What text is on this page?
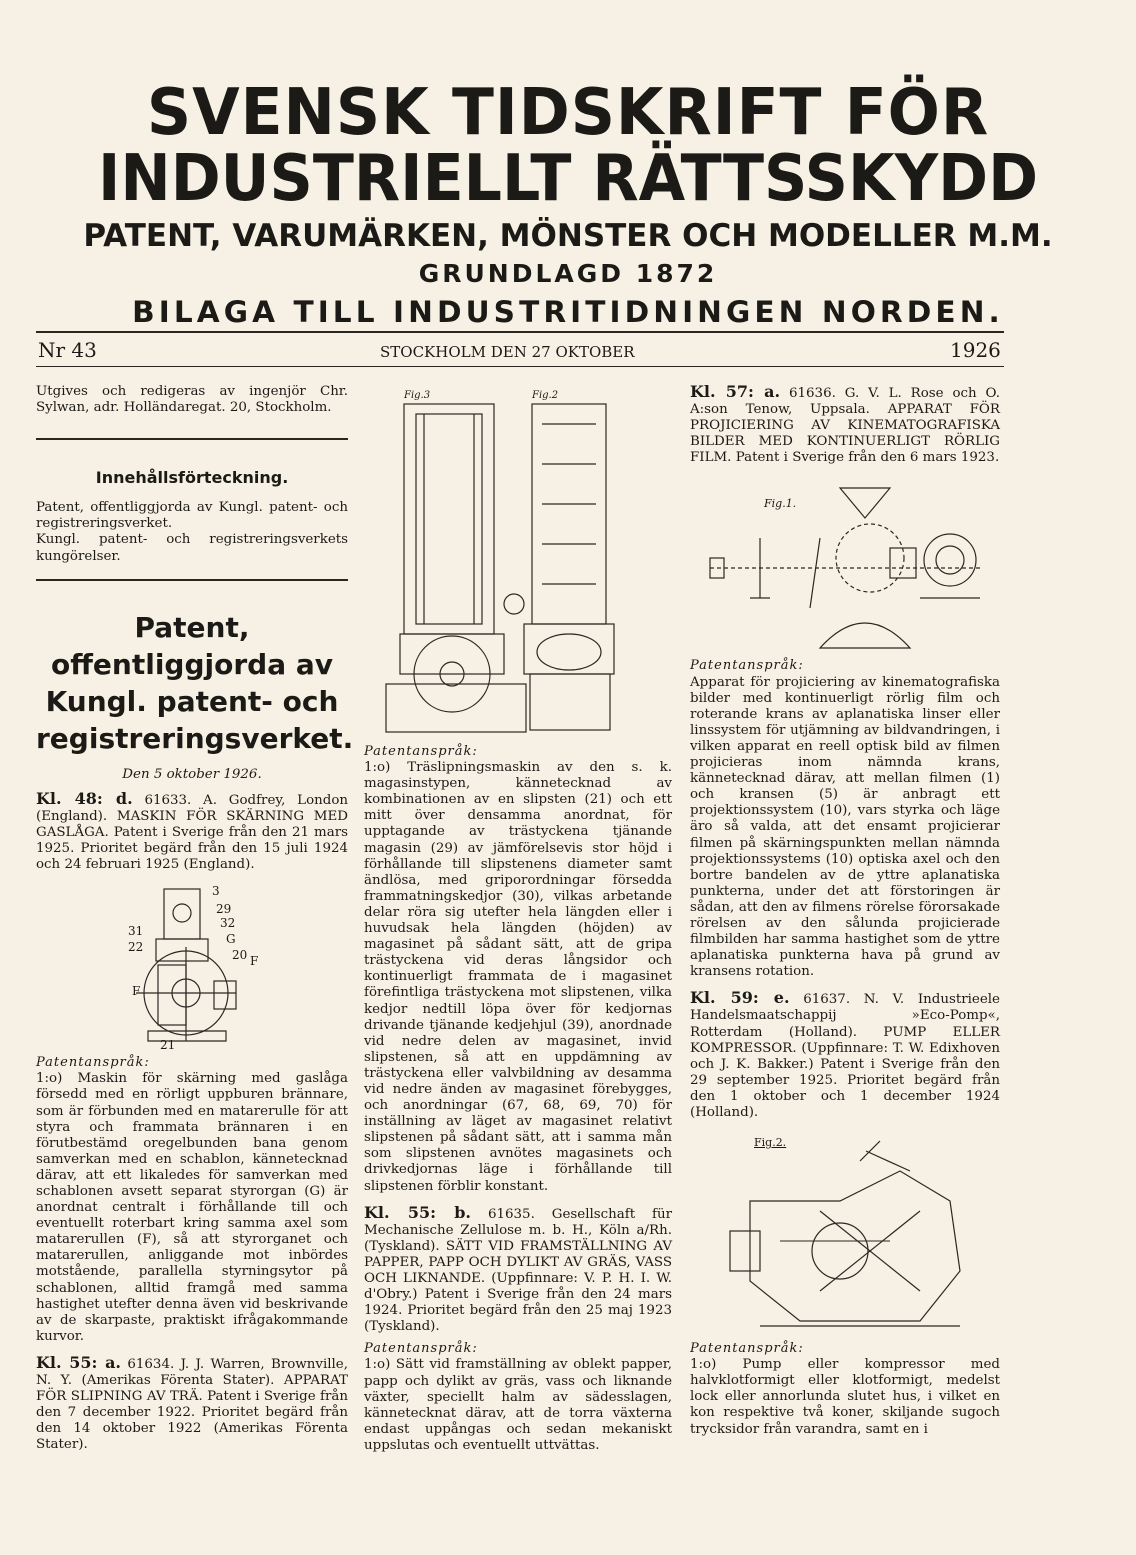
SVENSK TIDSKRIFT FÖR
INDUSTRIELLT RÄTTSSKYDD
PATENT, VARUMÄRKEN, MÖNSTER OCH MODELLER M.M.
GRUNDLAGD 1872
BILAGA TILL INDUSTRITIDNINGEN NORDEN.
Nr 43	STOCKHOLM DEN 27 OKTOBER	1926

Utgives och redigeras av ingenjör Chr. Sylwan, adr. Holländaregat. 20, Stockholm.

Innehållsförteckning.

Patent, offentliggjorda av Kungl. patent- och registreringsverket.

Kungl. patent- och registreringsverkets kungörelser.

Patent, offentliggjorda av Kungl. patent- och registreringsverket.

Den 5 oktober 1926.

Kl. 48: d. 61633. A. Godfrey, London (England). MASKIN FÖR SKÄRNING MED GASLÅGA. Patent i Sverige från den 21 mars 1925. Prioritet begärd från den 15 juli 1924 och 24 februari 1925 (England).

3
29
32
G
20 F
31
22
F
21

Patentanspråk:

1:o) Maskin för skärning med gaslåga försedd med en rörligt uppburen brännare, som är förbunden med en matarerulle för att styra och frammata brännaren i en förutbestämd oregelbunden bana genom samverkan med en schablon, kännetecknad därav, att ett likaledes för samverkan med schablonen avsett separat styrorgan (G) är anordnat centralt i förhållande till och eventuellt roterbart kring samma axel som matarerullen (F), så att styrorganet och matarerullen, anliggande mot inbördes motstående, parallella styrningsytor på schablonen, alltid framgå med samma hastighet utefter denna även vid beskrivande av de skarpaste, praktiskt ifrågakommande kurvor.

Kl. 55: a. 61634. J. J. Warren, Brownville, N. Y. (Amerikas Förenta Stater). APPARAT FÖR SLIPNING AV TRÄ. Patent i Sverige från den 7 december 1922. Prioritet begärd från den 14 oktober 1922 (Amerikas Förenta Stater).

Fig.3	Fig.2

Patentanspråk:

1:o) Träslipningsmaskin av den s. k. magasinstypen, kännetecknad av kombinationen av en slipsten (21) och ett mitt över densamma anordnat, för upptagande av trästyckena tjänande magasin (29) av jämförelsevis stor höjd i förhållande till slipstenens diameter samt ändlösa, med griporordningar försedda frammatningskedjor (30), vilkas arbetande delar röra sig utefter hela längden eller i huvudsak hela längden (höjden) av magasinet på sådant sätt, att de gripa trästyckena vid deras långsidor och kontinuerligt frammata de i magasinet förefintliga trästyckena mot slipstenen, vilka kedjor nedtill löpa över för kedjornas drivande tjänande kedjehjul (39), anordnade vid nedre delen av magasinet, invid slipstenen, så att en uppdämning av trästyckena eller valvbildning av desamma vid nedre änden av magasinet förebygges, och anordningar (67, 68, 69, 70) för inställning av läget av magasinet relativt slipstenen på sådant sätt, att i samma mån som slipstenen avnötes magasinets och drivkedjornas läge i förhållande till slipstenen förblir konstant.

Kl. 55: b. 61635. Gesellschaft für Mechanische Zellulose m. b. H., Köln a/Rh. (Tyskland). SÄTT VID FRAMSTÄLLNING AV PAPPER, PAPP OCH DYLIKT AV GRÄS, VASS OCH LIKNANDE. (Uppfinnare: V. P. H. I. W. d'Obry.) Patent i Sverige från den 24 mars 1924. Prioritet begärd från den 25 maj 1923 (Tyskland).

Patentanspråk:

1:o) Sätt vid framställning av oblekt papper, papp och dylikt av gräs, vass och liknande växter, speciellt halm av sädesslagen, kännetecknat därav, att de torra växterna endast uppångas och sedan mekaniskt uppslutas och eventuellt uttvättas.

Kl. 57: a. 61636. G. V. L. Rose och O. A:son Tenow, Uppsala. APPARAT FÖR PROJICIERING AV KINEMATOGRAFISKA BILDER MED KONTINUERLIGT RÖRLIG FILM. Patent i Sverige från den 6 mars 1923.

Fig.1.

Patentanspråk:

Apparat för projiciering av kinematografiska bilder med kontinuerligt rörlig film och roterande krans av aplanatiska linser eller linssystem för utjämning av bildvandringen, i vilken apparat en reell optisk bild av filmen projicieras inom nämnda krans, kännetecknad därav, att mellan filmen (1) och kransen (5) är anbragt ett projektionssystem (10), vars styrka och läge äro så valda, att det ensamt projicierar filmen på skärningspunkten mellan nämnda projektionssystems (10) optiska axel och den bortre bandelen av de yttre aplanatiska punkterna, under det att förstoringen är sådan, att den av filmens rörelse förorsakade rörelsen av den sålunda projicierade filmbilden har samma hastighet som de yttre aplanatiska punkterna hava på grund av kransens rotation.

Kl. 59: e. 61637. N. V. Industrieele Handelsmaatschappij »Eco-Pomp«, Rotterdam (Holland). PUMP ELLER KOMPRESSOR. (Uppfinnare: T. W. Edixhoven och J. K. Bakker.) Patent i Sverige från den 29 september 1925. Prioritet begärd från den 1 oktober och 1 december 1924 (Holland).

Fig.2.

Patentanspråk:

1:o) Pump eller kompressor med halvklotformigt eller klotformigt, medelst lock eller annorlunda slutet hus, i vilket en kon respektive två koner, skiljande sugoch trycksidor från varandra, samt en i
